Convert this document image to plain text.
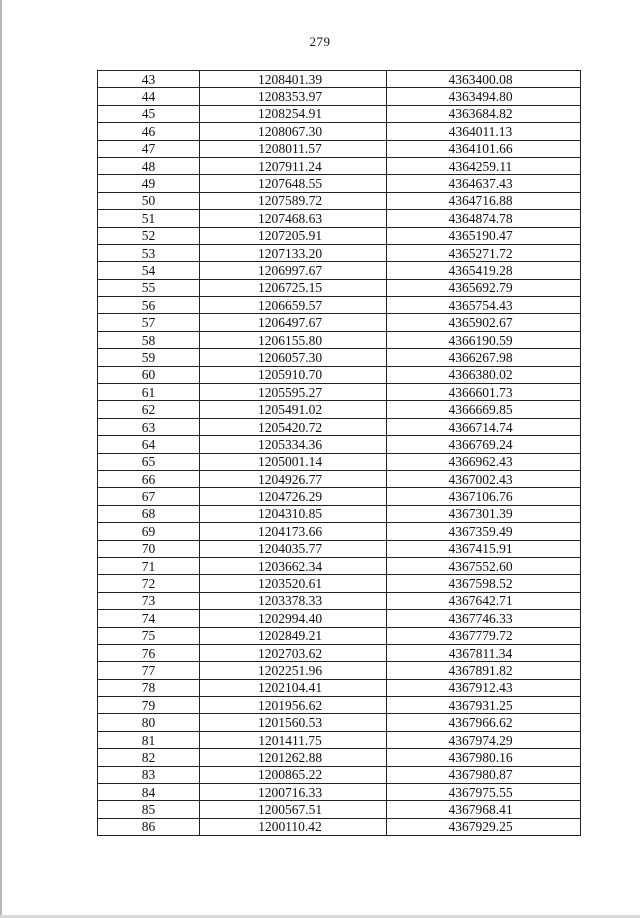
279
43	1208401.39	4363400.08
44	1208353.97	4363494.80
45	1208254.91	4363684.82
46	1208067.30	4364011.13
47	1208011.57	4364101.66
48	1207911.24	4364259.11
49	1207648.55	4364637.43
50	1207589.72	4364716.88
51	1207468.63	4364874.78
52	1207205.91	4365190.47
53	1207133.20	4365271.72
54	1206997.67	4365419.28
55	1206725.15	4365692.79
56	1206659.57	4365754.43
57	1206497.67	4365902.67
58	1206155.80	4366190.59
59	1206057.30	4366267.98
60	1205910.70	4366380.02
61	1205595.27	4366601.73
62	1205491.02	4366669.85
63	1205420.72	4366714.74
64	1205334.36	4366769.24
65	1205001.14	4366962.43
66	1204926.77	4367002.43
67	1204726.29	4367106.76
68	1204310.85	4367301.39
69	1204173.66	4367359.49
70	1204035.77	4367415.91
71	1203662.34	4367552.60
72	1203520.61	4367598.52
73	1203378.33	4367642.71
74	1202994.40	4367746.33
75	1202849.21	4367779.72
76	1202703.62	4367811.34
77	1202251.96	4367891.82
78	1202104.41	4367912.43
79	1201956.62	4367931.25
80	1201560.53	4367966.62
81	1201411.75	4367974.29
82	1201262.88	4367980.16
83	1200865.22	4367980.87
84	1200716.33	4367975.55
85	1200567.51	4367968.41
86	1200110.42	4367929.25
